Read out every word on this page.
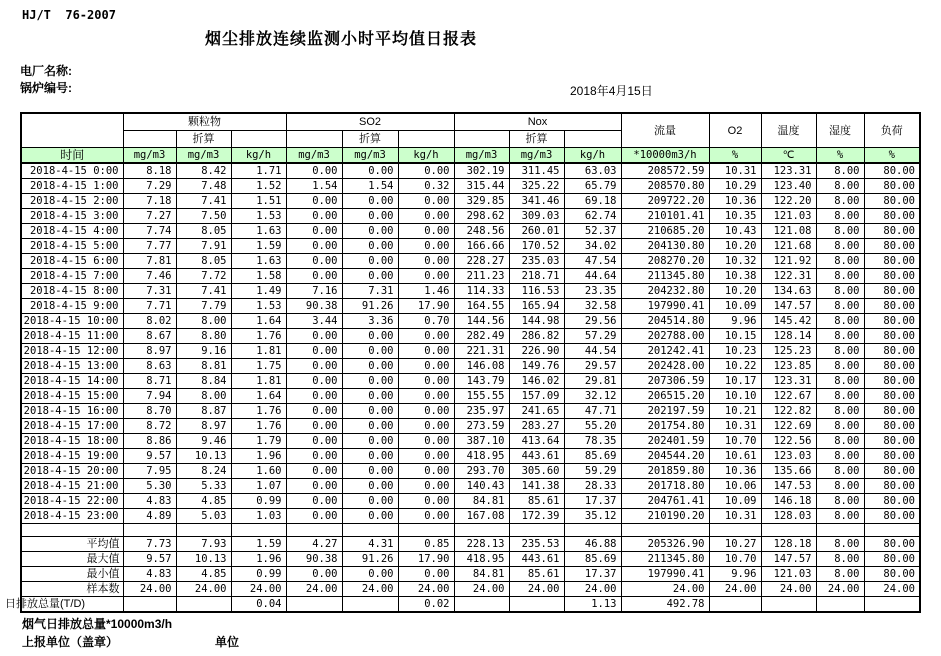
HJ/T  76-2007
烟尘排放连续监测小时平均值日报表
电厂名称:
锅炉编号:	2018年4月15日
	颗粒物			SO2			Nox			流量	O2	温度	湿度	负荷
		折算			折算			折算						
时间	mg/m3	mg/m3	kg/h	mg/m3	mg/m3	kg/h	mg/m3	mg/m3	kg/h	*10000m3/h	%	℃	%	%
2018-4-15 0:00	8.18	8.42	1.71	0.00	0.00	0.00	302.19	311.45	63.03	208572.59	10.31	123.31	8.00	80.00
2018-4-15 1:00	7.29	7.48	1.52	1.54	1.54	0.32	315.44	325.22	65.79	208570.80	10.29	123.40	8.00	80.00
2018-4-15 2:00	7.18	7.41	1.51	0.00	0.00	0.00	329.85	341.46	69.18	209722.20	10.36	122.20	8.00	80.00
2018-4-15 3:00	7.27	7.50	1.53	0.00	0.00	0.00	298.62	309.03	62.74	210101.41	10.35	121.03	8.00	80.00
2018-4-15 4:00	7.74	8.05	1.63	0.00	0.00	0.00	248.56	260.01	52.37	210685.20	10.43	121.08	8.00	80.00
2018-4-15 5:00	7.77	7.91	1.59	0.00	0.00	0.00	166.66	170.52	34.02	204130.80	10.20	121.68	8.00	80.00
2018-4-15 6:00	7.81	8.05	1.63	0.00	0.00	0.00	228.27	235.03	47.54	208270.20	10.32	121.92	8.00	80.00
2018-4-15 7:00	7.46	7.72	1.58	0.00	0.00	0.00	211.23	218.71	44.64	211345.80	10.38	122.31	8.00	80.00
2018-4-15 8:00	7.31	7.41	1.49	7.16	7.31	1.46	114.33	116.53	23.35	204232.80	10.20	134.63	8.00	80.00
2018-4-15 9:00	7.71	7.79	1.53	90.38	91.26	17.90	164.55	165.94	32.58	197990.41	10.09	147.57	8.00	80.00
2018-4-15 10:00	8.02	8.00	1.64	3.44	3.36	0.70	144.56	144.98	29.56	204514.80	9.96	145.42	8.00	80.00
2018-4-15 11:00	8.67	8.80	1.76	0.00	0.00	0.00	282.49	286.82	57.29	202788.00	10.15	128.14	8.00	80.00
2018-4-15 12:00	8.97	9.16	1.81	0.00	0.00	0.00	221.31	226.90	44.54	201242.41	10.23	125.23	8.00	80.00
2018-4-15 13:00	8.63	8.81	1.75	0.00	0.00	0.00	146.08	149.76	29.57	202428.00	10.22	123.85	8.00	80.00
2018-4-15 14:00	8.71	8.84	1.81	0.00	0.00	0.00	143.79	146.02	29.81	207306.59	10.17	123.31	8.00	80.00
2018-4-15 15:00	7.94	8.00	1.64	0.00	0.00	0.00	155.55	157.09	32.12	206515.20	10.10	122.67	8.00	80.00
2018-4-15 16:00	8.70	8.87	1.76	0.00	0.00	0.00	235.97	241.65	47.71	202197.59	10.21	122.82	8.00	80.00
2018-4-15 17:00	8.72	8.97	1.76	0.00	0.00	0.00	273.59	283.27	55.20	201754.80	10.31	122.69	8.00	80.00
2018-4-15 18:00	8.86	9.46	1.79	0.00	0.00	0.00	387.10	413.64	78.35	202401.59	10.70	122.56	8.00	80.00
2018-4-15 19:00	9.57	10.13	1.96	0.00	0.00	0.00	418.95	443.61	85.69	204544.20	10.61	123.03	8.00	80.00
2018-4-15 20:00	7.95	8.24	1.60	0.00	0.00	0.00	293.70	305.60	59.29	201859.80	10.36	135.66	8.00	80.00
2018-4-15 21:00	5.30	5.33	1.07	0.00	0.00	0.00	140.43	141.38	28.33	201718.80	10.06	147.53	8.00	80.00
2018-4-15 22:00	4.83	4.85	0.99	0.00	0.00	0.00	84.81	85.61	17.37	204761.41	10.09	146.18	8.00	80.00
2018-4-15 23:00	4.89	5.03	1.03	0.00	0.00	0.00	167.08	172.39	35.12	210190.20	10.31	128.03	8.00	80.00

平均值	7.73	7.93	1.59	4.27	4.31	0.85	228.13	235.53	46.88	205326.90	10.27	128.18	8.00	80.00
最大值	9.57	10.13	1.96	90.38	91.26	17.90	418.95	443.61	85.69	211345.80	10.70	147.57	8.00	80.00
最小值	4.83	4.85	0.99	0.00	0.00	0.00	84.81	85.61	17.37	197990.41	9.96	121.03	8.00	80.00
样本数	24.00	24.00	24.00	24.00	24.00	24.00	24.00	24.00	24.00	24.00	24.00	24.00	24.00	24.00
日排放总量(T/D)			0.04			0.02			1.13	492.78				
烟气日排放总量*10000m3/h
上报单位（盖章）	单位
